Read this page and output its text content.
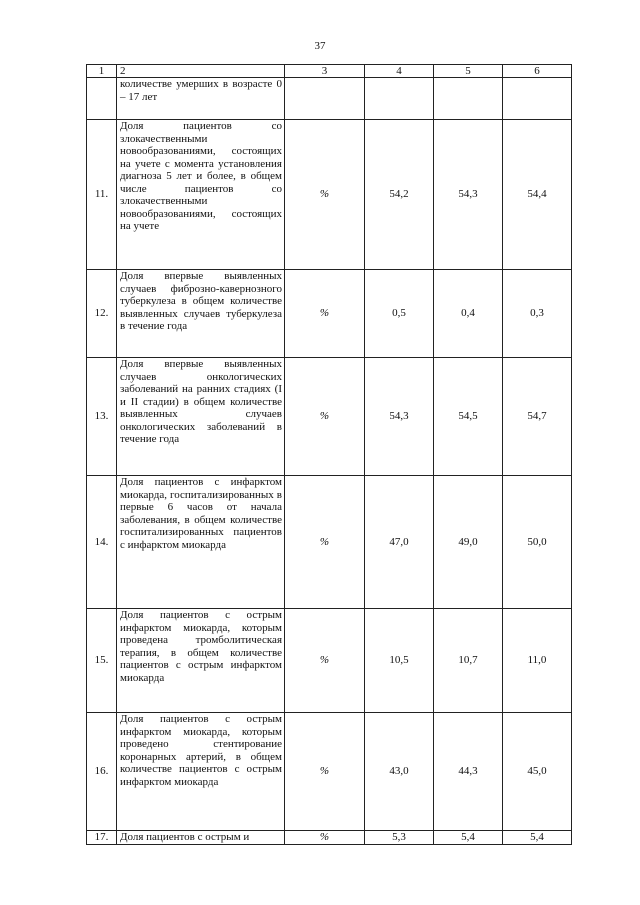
37
1	2	3	4	5	6

	количестве умерших в возрасте 0 – 17 лет				

11.	Доля пациентов со злокачественными новообразованиями, состоящих на учете с момента установления диагноза 5 лет и более, в общем числе пациентов со злокачественными новообразованиями, состоящих на учете	%	54,2	54,3	54,4
12.	Доля впервые выявленных случаев фиброзно-кавернозного туберкулеза в общем количестве выявленных случаев туберкулеза в течение года	%	0,5	0,4	0,3
13.	Доля впервые выявленных случаев онкологических заболеваний на ранних стадиях (I и II стадии) в общем количестве выявленных случаев онкологических заболеваний в течение года	%	54,3	54,5	54,7
14.	Доля пациентов с инфарктом миокарда, госпитализированных в первые 6 часов от начала заболевания, в общем количестве госпитализированных пациентов с инфарктом миокарда	%	47,0	49,0	50,0
15.	Доля пациентов с острым инфарктом миокарда, которым проведена тромболитическая терапия, в общем количестве пациентов с острым инфарктом миокарда	%	10,5	10,7	11,0
16.	Доля пациентов с острым инфарктом миокарда, которым проведено стентирование коронарных артерий, в общем количестве пациентов с острым инфарктом миокарда	%	43,0	44,3	45,0
17.	Доля пациентов с острым и	%	5,3	5,4	5,4
